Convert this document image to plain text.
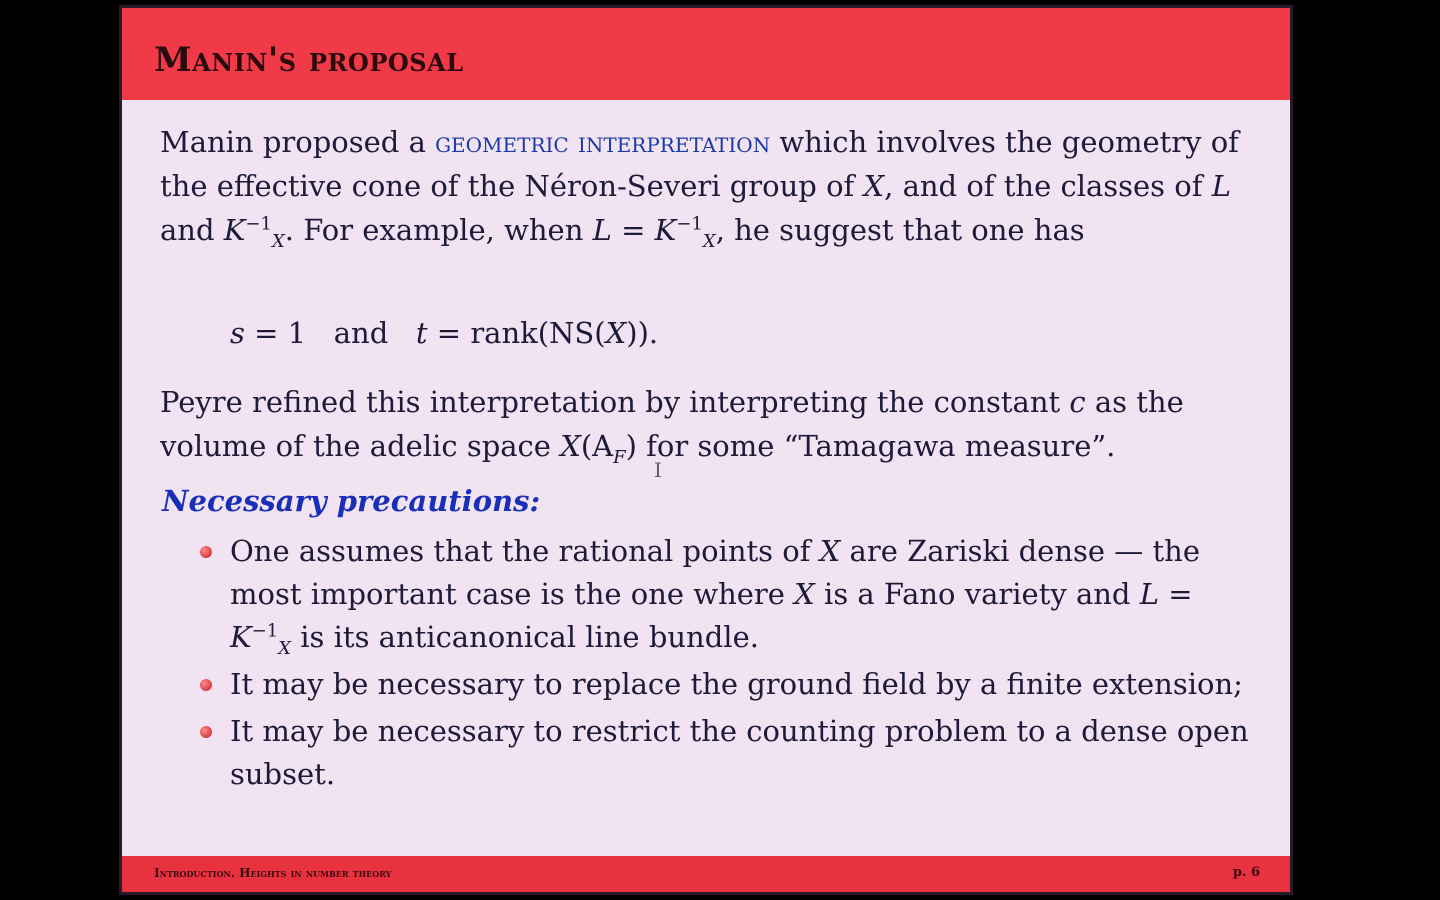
Manin's proposal
Manin proposed a geometric interpretation which involves the geometry of the effective cone of the Néron-Severi group of X, and of the classes of L and $K^{-1}_X$. For example, when $L = K^{-1}_X$, he suggest that one has
s = 1 and t = rank(NS(X)).
Peyre refined this interpretation by interpreting the constant c as the volume of the adelic space $X(A_F)$ for some “Tamagawa measure”.
Necessary precautions:
One assumes that the rational points of X are Zariski dense — the most important case is the one where X is a Fano variety and $L = K^{-1}_X$ is its anticanonical line bundle.
It may be necessary to replace the ground field by a finite extension;
It may be necessary to restrict the counting problem to a dense open subset.
I
Introduction. Heights in number theory	p. 6
